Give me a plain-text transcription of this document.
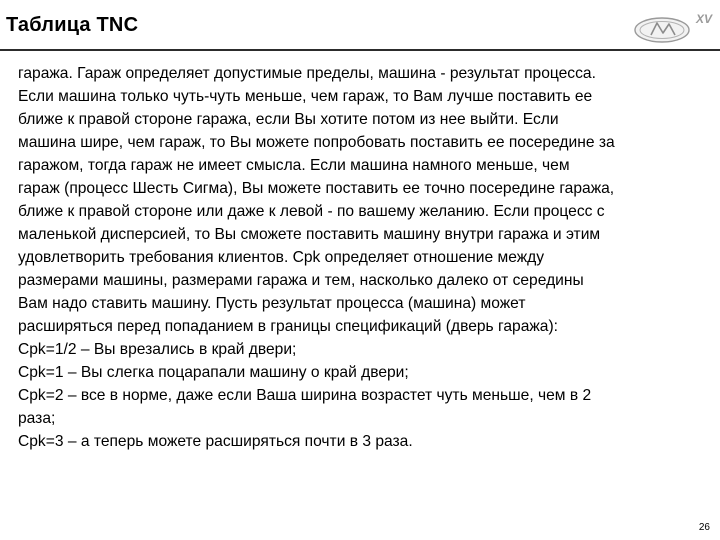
Таблица TNC	XV
гаража. Гараж определяет допустимые пределы, машина - результат процесса.
Если машина только чуть-чуть меньше, чем гараж, то Вам лучше поставить ее
ближе к правой стороне гаража, если Вы хотите потом из нее выйти. Если
машина шире, чем гараж, то Вы можете попробовать поставить ее посередине за
гаражом, тогда гараж не имеет смысла. Если машина намного меньше, чем
гараж (процесс Шесть Сигма), Вы можете поставить ее точно посередине гаража,
ближе к правой стороне или даже к левой - по вашему желанию. Если процесс с
маленькой дисперсией, то Вы сможете поставить машину внутри гаража и этим
удовлетворить требования клиентов. Cpk определяет отношение между
размерами машины, размерами гаража и тем, насколько далеко от середины
Вам надо ставить машину. Пусть результат процесса (машина) может
расширяться перед попаданием в границы спецификаций (дверь гаража):
Cpk=1/2 – Вы врезались в край двери;
Cpk=1 – Вы слегка поцарапали машину о край двери;
Cpk=2 – все в норме, даже если Ваша ширина возрастет чуть меньше, чем в 2
раза;
Cpk=3 – а теперь можете расширяться почти в 3 раза.
26
